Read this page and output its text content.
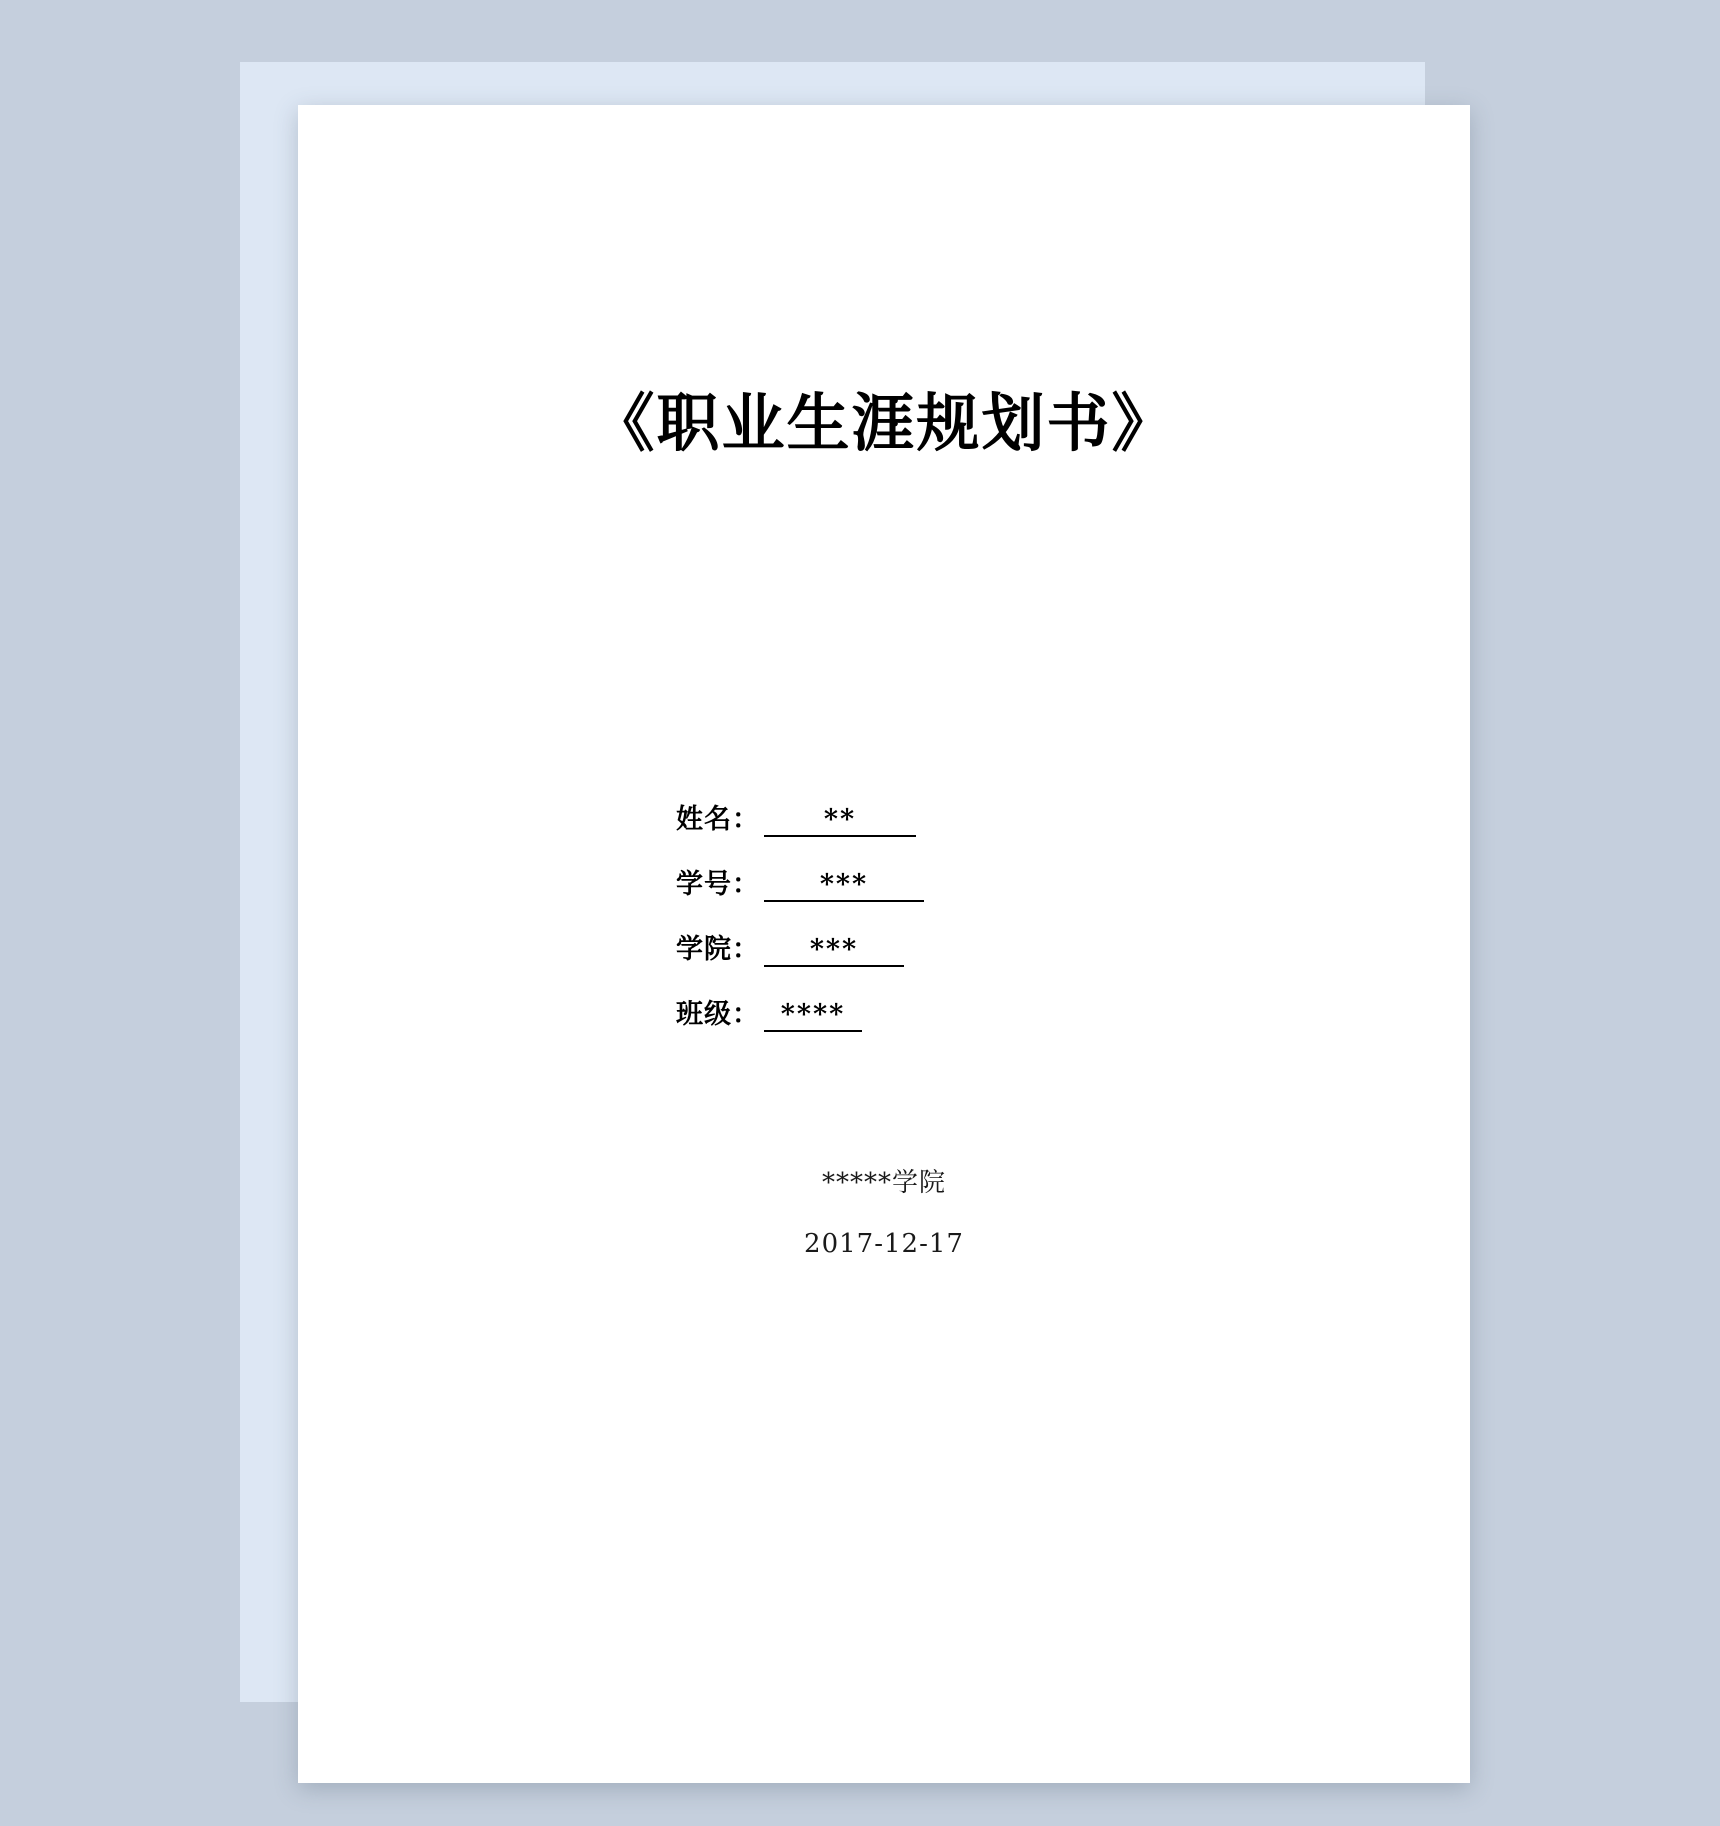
《职业生涯规划书》
姓名：	**
学号：	***
学院：	***
班级： ****
*****学院
2017-12-17
